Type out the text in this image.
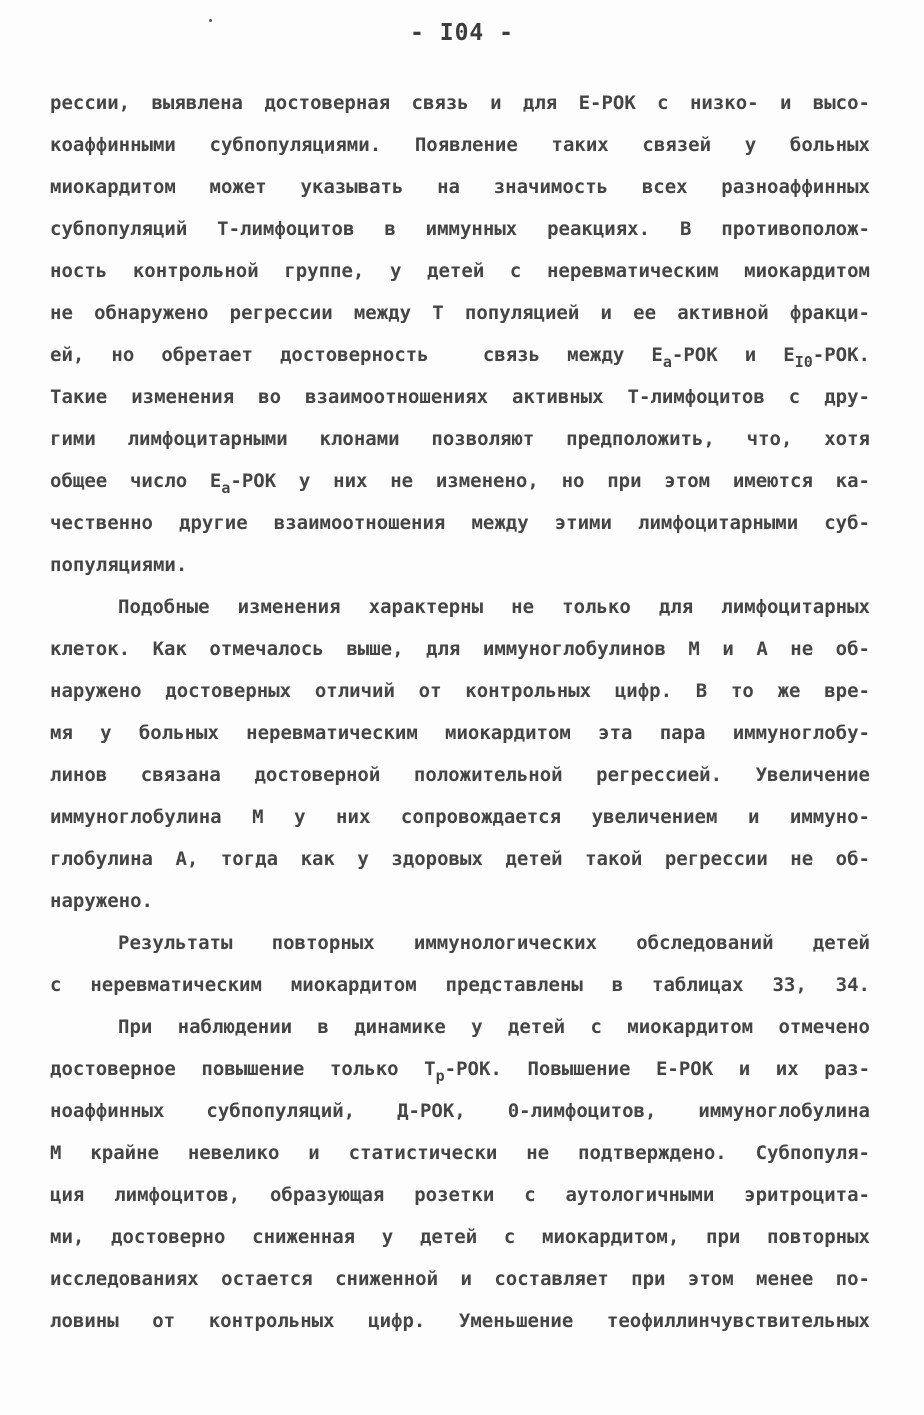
- I04 -
рессии, выявлена достоверная связь и для Е-РОК с низко- и высо-
коаффинными субпопуляциями. Появление таких связей у больных
миокардитом может указывать на значимость всех разноаффинных
субпопуляций Т-лимфоцитов в иммунных реакциях. В противополож-
ность контрольной группе, у детей с неревматическим миокардитом
не обнаружено регрессии между Т популяцией и ее активной фракци-
ей, но обретает достоверность  связь между $Е_а$-РОК и $Е_{I0}$-РОК.
Такие изменения во взаимоотношениях активных Т-лимфоцитов с дру-
гими лимфоцитарными клонами позволяют предположить, что, хотя
общее число $Е_а$-РОК у них не изменено, но при этом имеются ка-
чественно другие взаимоотношения между этими лимфоцитарными суб-
популяциями.
Подобные изменения характерны не только для лимфоцитарных
клеток. Как отмечалось выше, для иммуноглобулинов М и А не об-
наружено достоверных отличий от контрольных цифр. В то же вре-
мя у больных неревматическим миокардитом эта пара иммуноглобу-
линов связана достоверной положительной регрессией. Увеличение
иммуноглобулина М у них сопровождается увеличением и иммуно-
глобулина А, тогда как у здоровых детей такой регрессии не об-
наружено.
Результаты повторных иммунологических обследований детей
с неревматическим миокардитом представлены в таблицах 33, 34.
При наблюдении в динамике у детей с миокардитом отмечено
достоверное повышение только $Т_р$-РОК. Повышение Е-РОК и их раз-
ноаффинных субпопуляций, Д-РОК, 0-лимфоцитов, иммуноглобулина
М крайне невелико и статистически не подтверждено. Субпопуля-
ция лимфоцитов, образующая розетки с аутологичными эритроцита-
ми, достоверно сниженная у детей с миокардитом, при повторных
исследованиях остается сниженной и составляет при этом менее по-
ловины от контрольных цифр. Уменьшение теофиллинчувствительных
